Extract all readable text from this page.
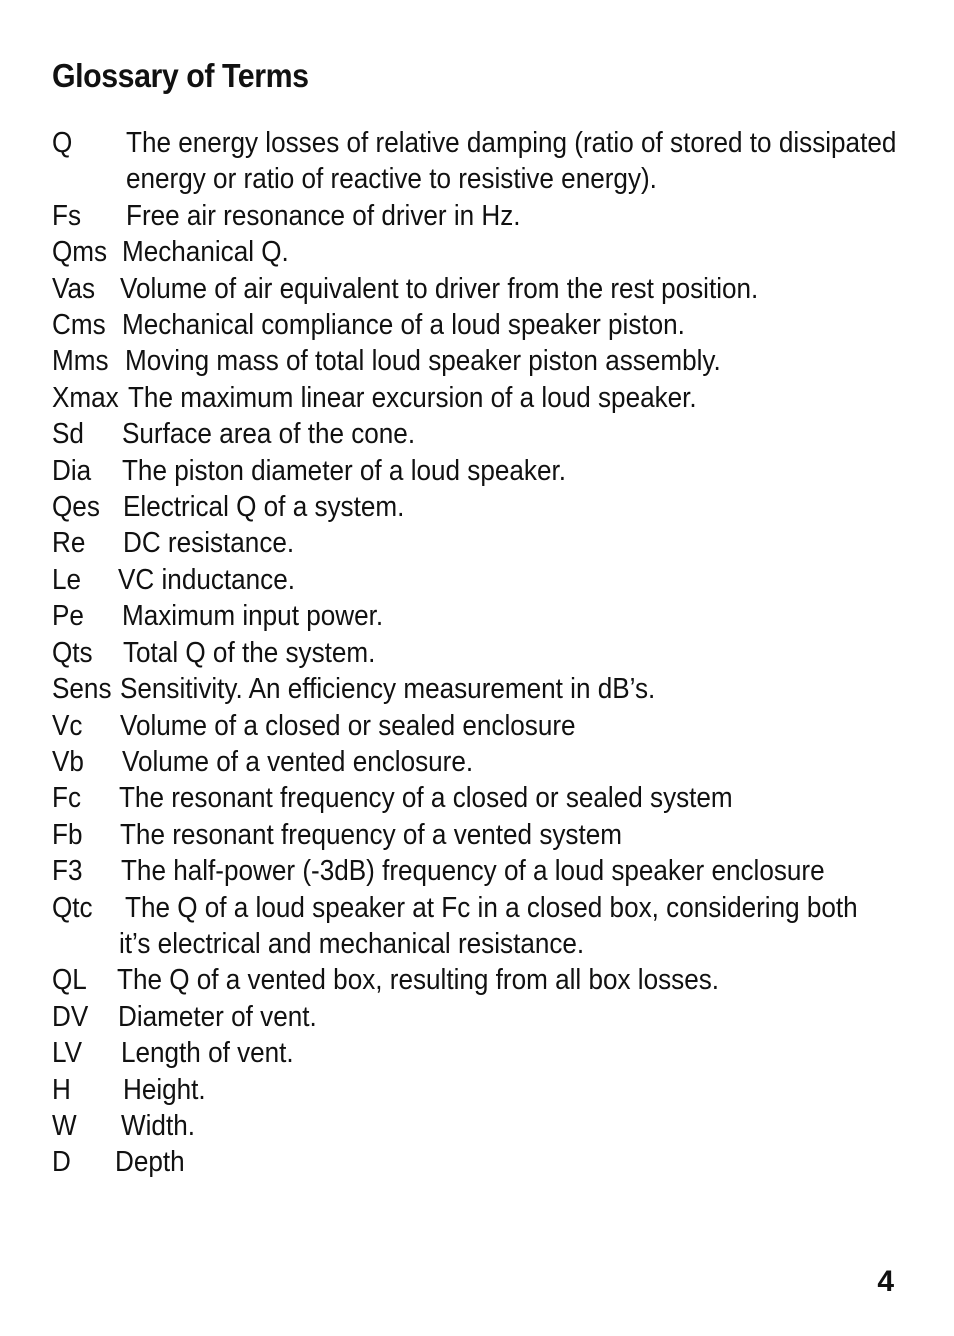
Glossary of Terms
Q	The energy losses of relative damping (ratio of stored to dissipated
energy or ratio of reactive to resistive energy).
Fs	Free air resonance of driver in Hz.
Qms Mechanical Q.
Vas Volume of air equivalent to driver from the rest position.
Cms Mechanical compliance of a loud speaker piston.
Mms Moving mass of total loud speaker piston assembly.
Xmax The maximum linear excursion of a loud speaker.
Sd	Surface area of the cone.
Dia	The piston diameter of a loud speaker.
Qes Electrical Q of a system.
Re	DC resistance.
Le	VC inductance.
Pe	Maximum input power.
Qts	Total Q of the system.
Sens Sensitivity. An efficiency measurement in dB’s.
Vc	Volume of a closed or sealed enclosure
Vb	Volume of a vented enclosure.
Fc	The resonant frequency of a closed or sealed system
Fb	The resonant frequency of a vented system
F3	The half-power (-3dB) frequency of a loud speaker enclosure
Qtc	The Q of a loud speaker at Fc in a closed box, considering both
it’s electrical and mechanical resistance.
QL	The Q of a vented box, resulting from all box losses.
DV	Diameter of vent.
LV	Length of vent.
H	Height.
W	Width.
D	Depth
4
